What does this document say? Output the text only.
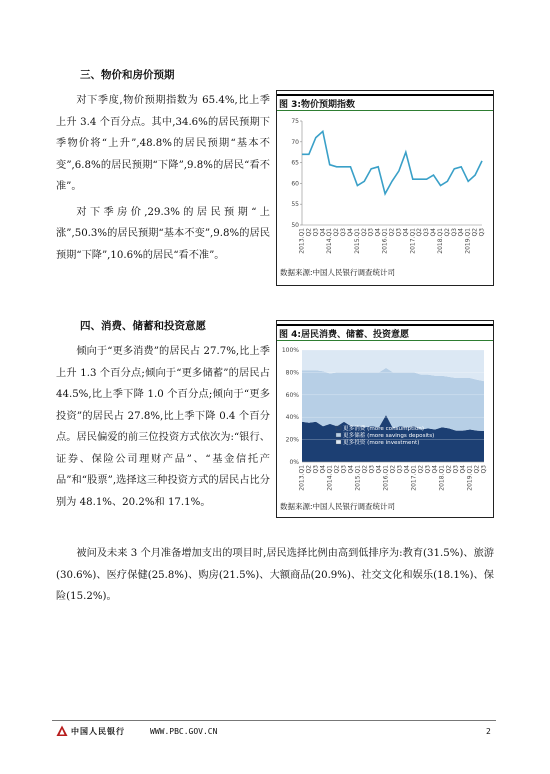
三、物价和房价预期

对下季度,物价预期指数为 65.4%,比上季上升 3.4 个百分点。其中,34.6%的居民预期下季物价将“上升”,48.8%的居民预期“基本不变”,6.8%的居民预期“下降”,9.8%的居民“看不准”。

对下季房价,29.3%的居民预期“上涨”,50.3%的居民预期“基本不变”,9.8%的居民预期“下降”,10.6%的居民“看不准”。

图 3:物价预期指数
50
55
60
65
70
75
2013.Q1 Q2 Q3 Q4 2014.Q1 Q2 Q3 Q4 2015.Q1 Q2 Q3 Q4 2016.Q1 Q2 Q3 Q4 2017.Q1 Q2 Q3 Q4 2018.Q1 Q2 Q3 Q4 2019.Q1 Q2 Q3
数据来源:中国人民银行调查统计司
四、消费、储蓄和投资意愿

倾向于“更多消费”的居民占 27.7%,比上季上升 1.3 个百分点;倾向于“更多储蓄”的居民占 44.5%,比上季下降 1.0 个百分点;倾向于“更多投资”的居民占 27.8%,比上季下降 0.4 个百分点。居民偏爱的前三位投资方式依次为:“银行、证券、保险公司理财产品”、“基金信托产品”和“股票”,选择这三种投资方式的居民占比分别为 48.1%、20.2%和 17.1%。

图 4:居民消费、储蓄、投资意愿
0%
20%
40%
60%
80%
100%
2013.Q1 Q2 Q3 Q4 2014.Q1 Q2 Q3 Q4 2015.Q1 Q2 Q3 Q4 2016.Q1 Q2 Q3 Q4 2017.Q1 Q2 Q3 Q4 2018.Q1 Q2 Q3 Q4 2019.Q1 Q2 Q3
更多消费 (more consumption)
更多储蓄 (more savings deposits)
更多投资 (more investment)
数据来源:中国人民银行调查统计司

被问及未来 3 个月准备增加支出的项目时,居民选择比例由高到低排序为:教育(31.5%)、旅游(30.6%)、医疗保健(25.8%)、购房(21.5%)、大额商品(20.9%)、社交文化和娱乐(18.1%)、保险(15.2%)。

中国人民银行	WWW.PBC.GOV.CN	2
